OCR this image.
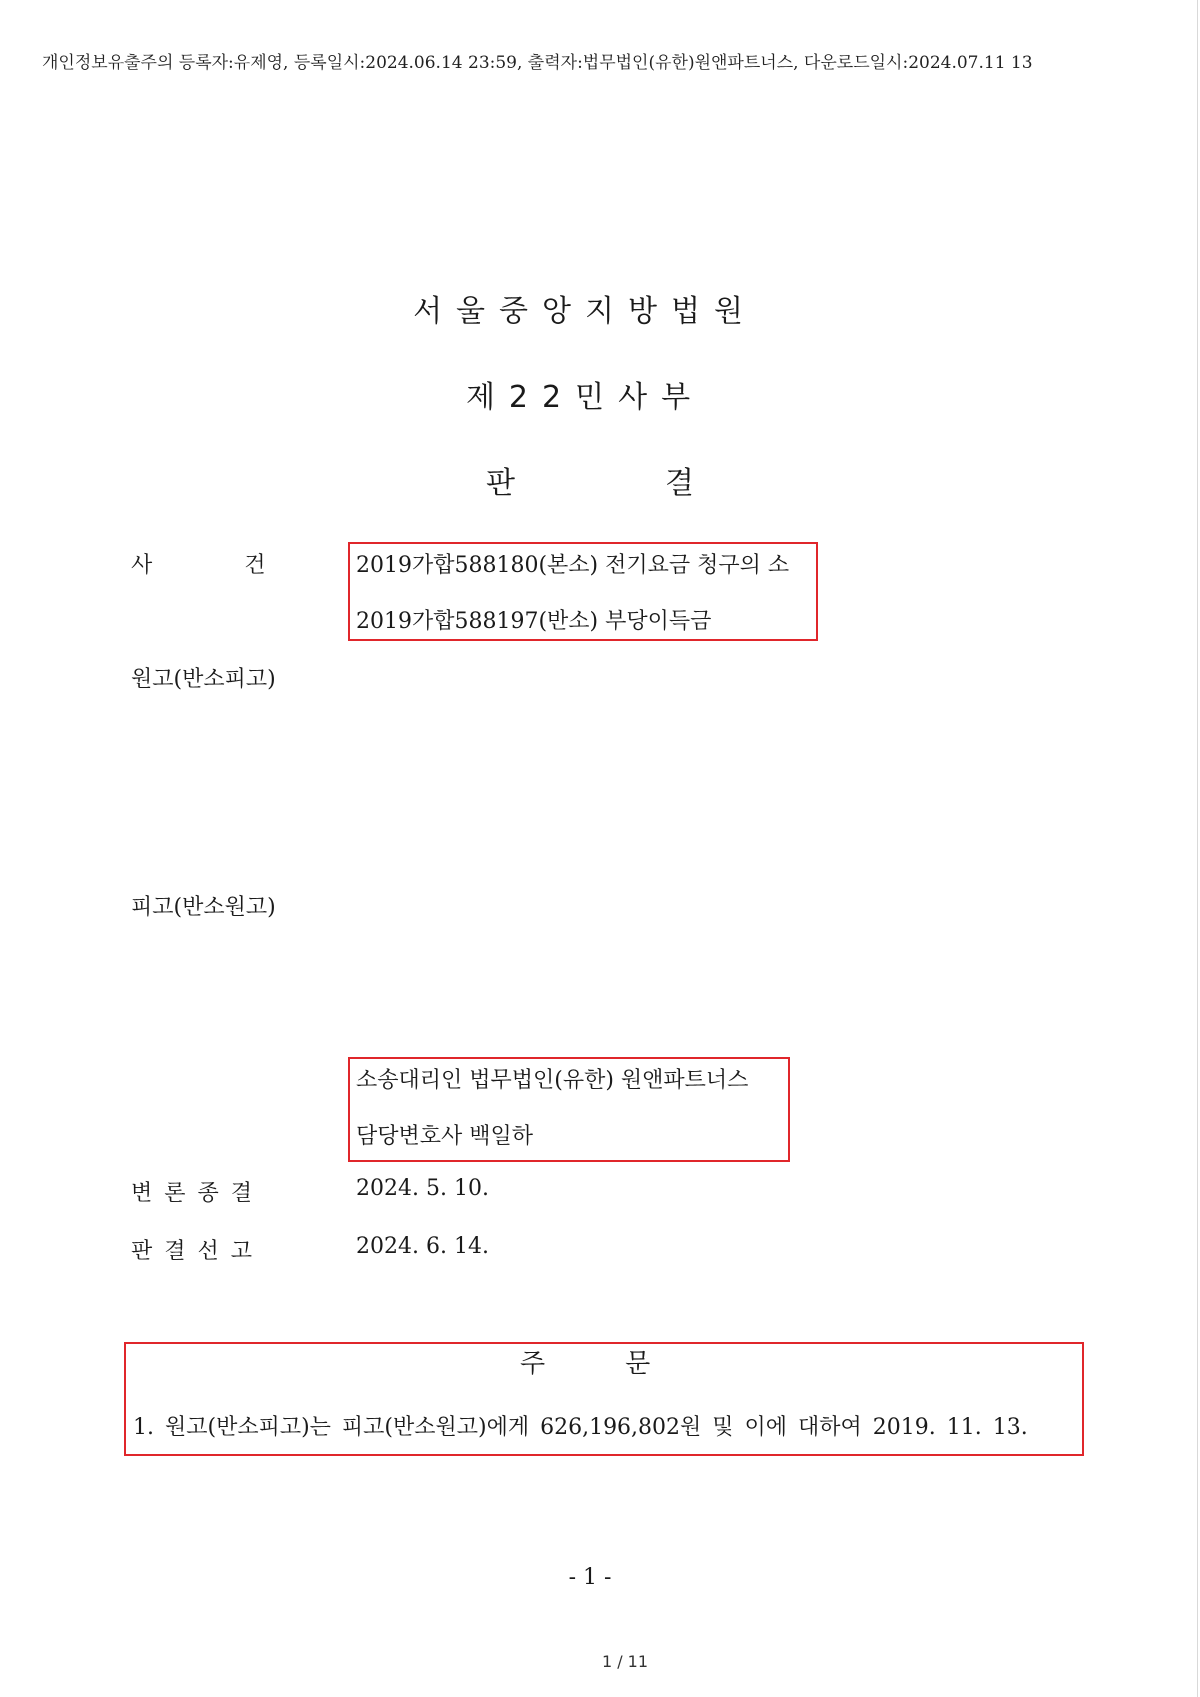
개인정보유출주의 등록자:유제영, 등록일시:2024.06.14 23:59, 출력자:법무법인(유한)원앤파트너스, 다운로드일시:2024.07.11 13
서울중앙지방법원
제22민사부
판결
사건
2019가합588180(본소) 전기요금 청구의 소
2019가합588197(반소) 부당이득금
원고(반소피고)
피고(반소원고)
소송대리인 법무법인(유한) 원앤파트너스
담당변호사 백일하
변론종결	2024. 5. 10.
판결선고	2024. 6. 14.
주문
1. 원고(반소피고)는 피고(반소원고)에게 626,196,802원 및 이에 대하여 2019. 11. 13.
- 1 -
1 / 11
